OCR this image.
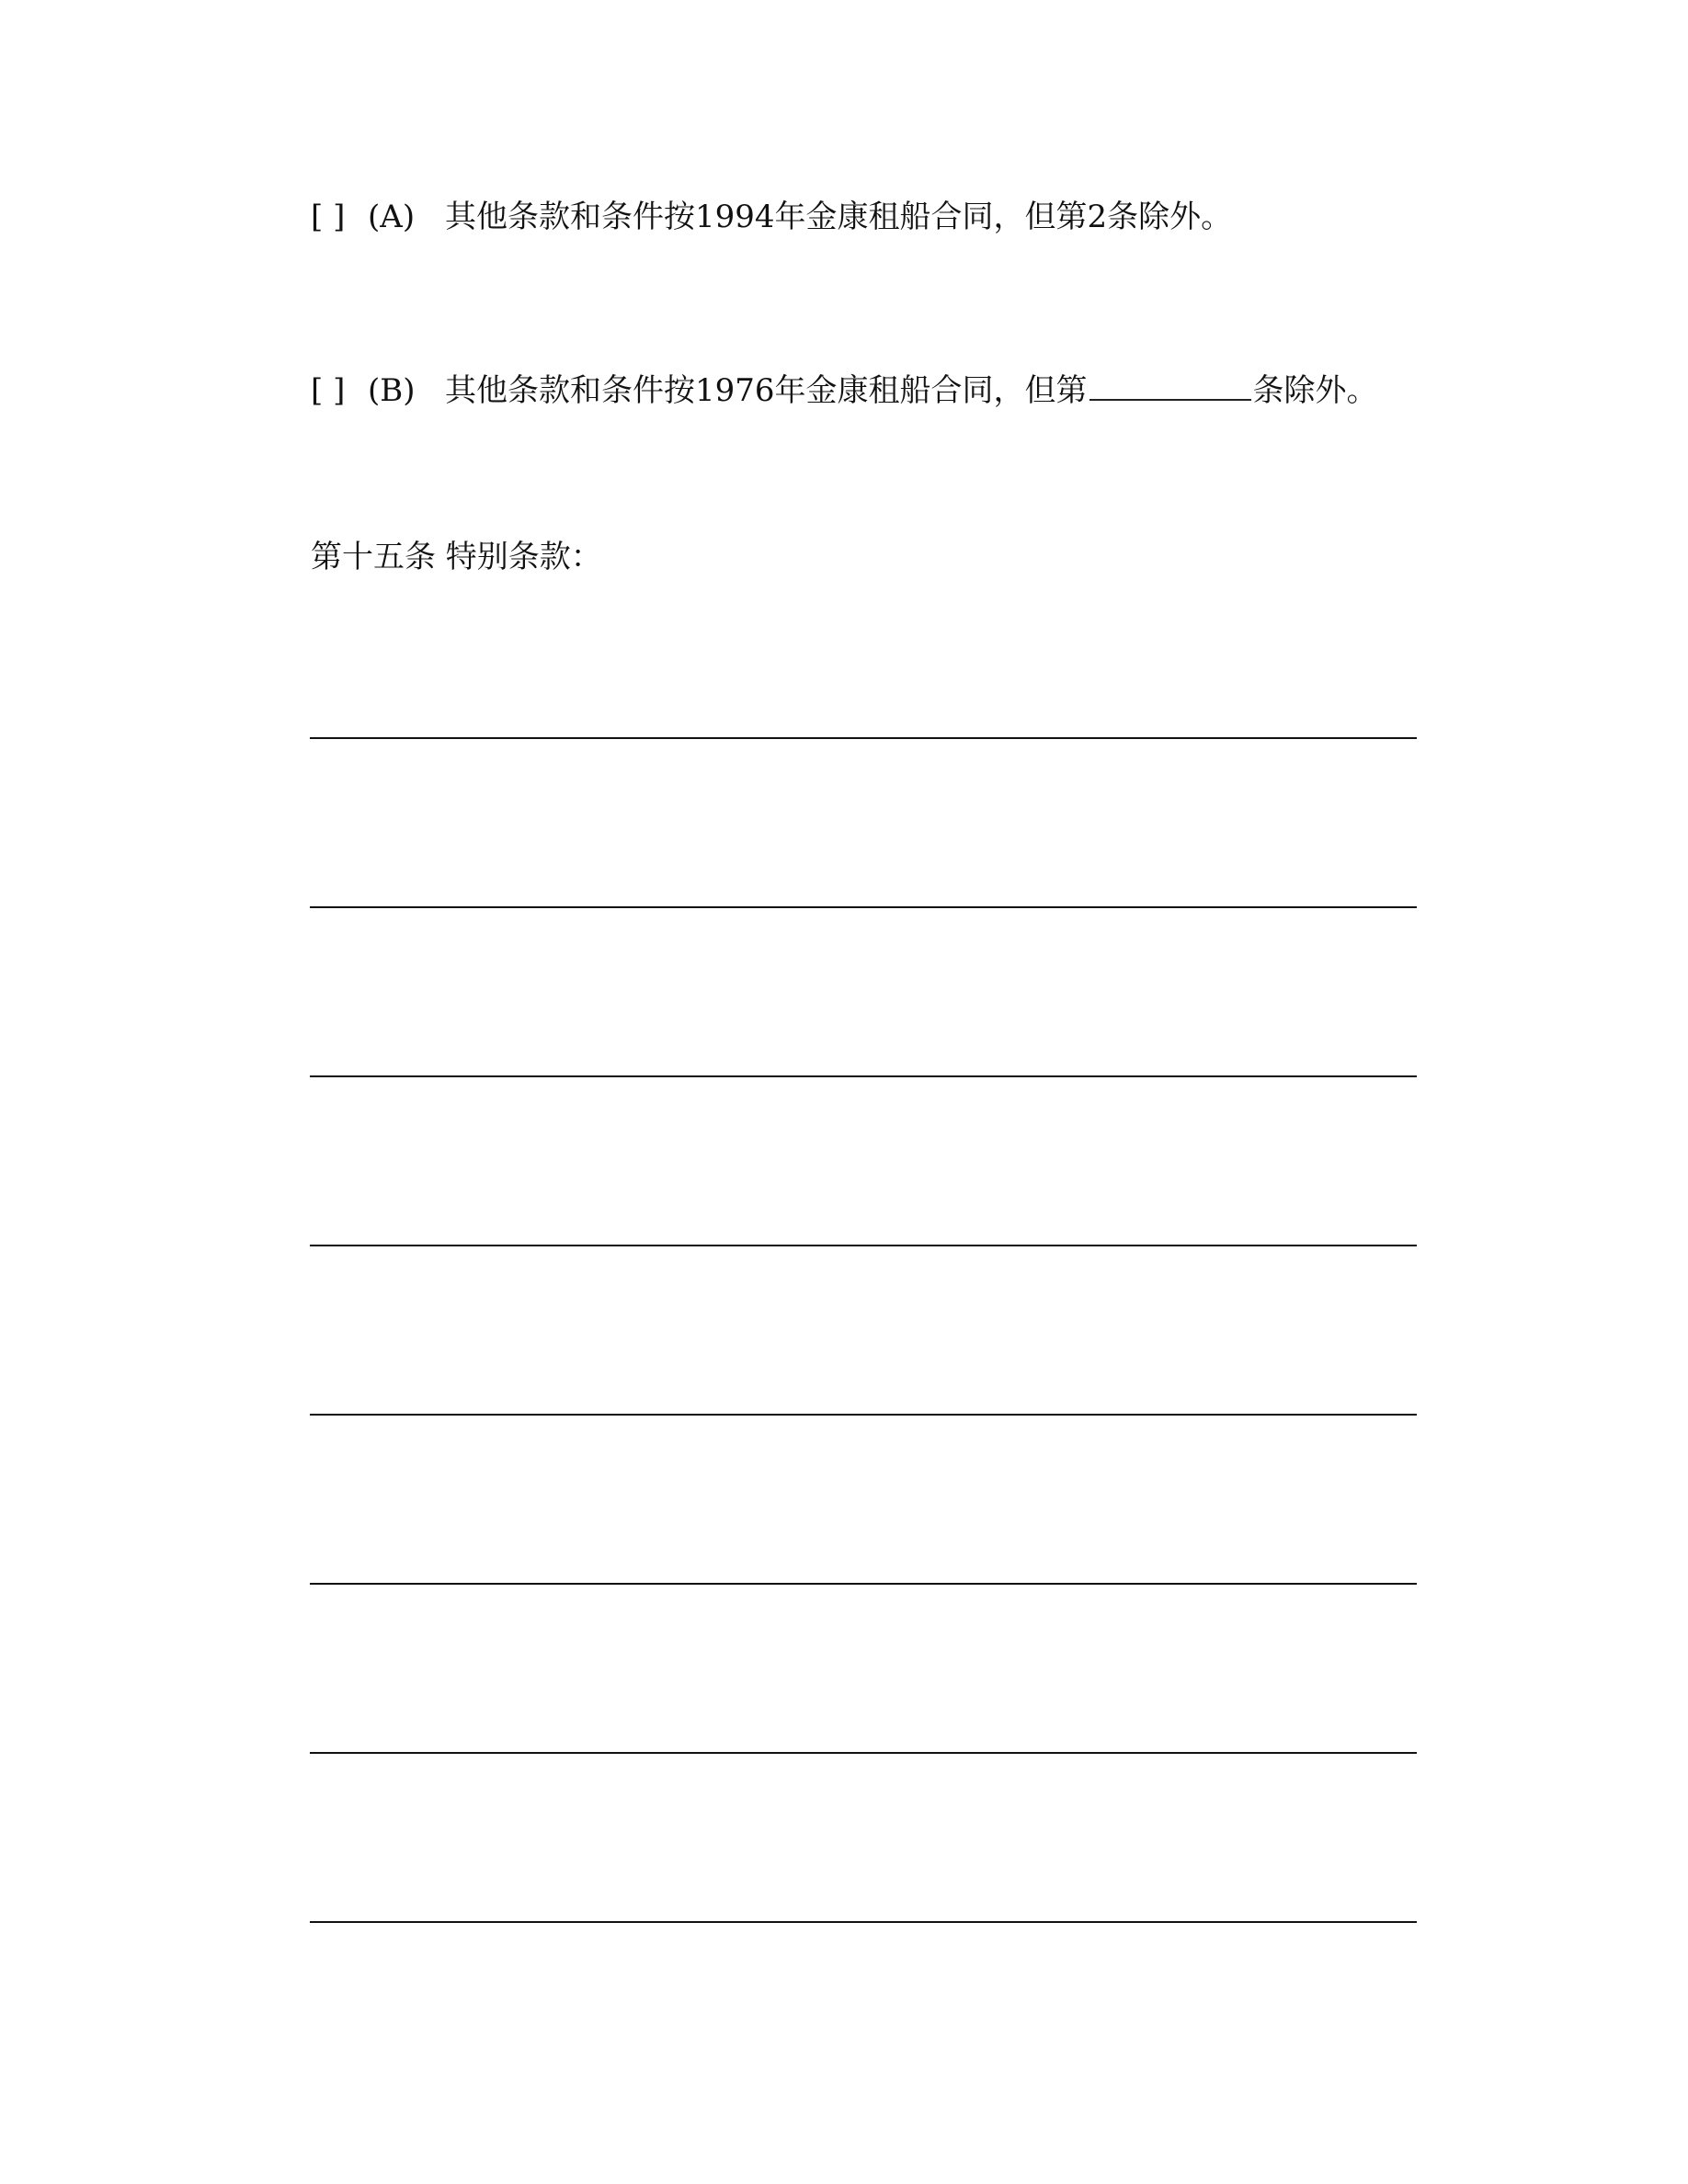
[ ] (A) 其他条款和条件按1994年金康租船合同，但第2条除外。
[ ] (B) 其他条款和条件按1976年金康租船合同，但第	条除外。
第十五条 特别条款：
